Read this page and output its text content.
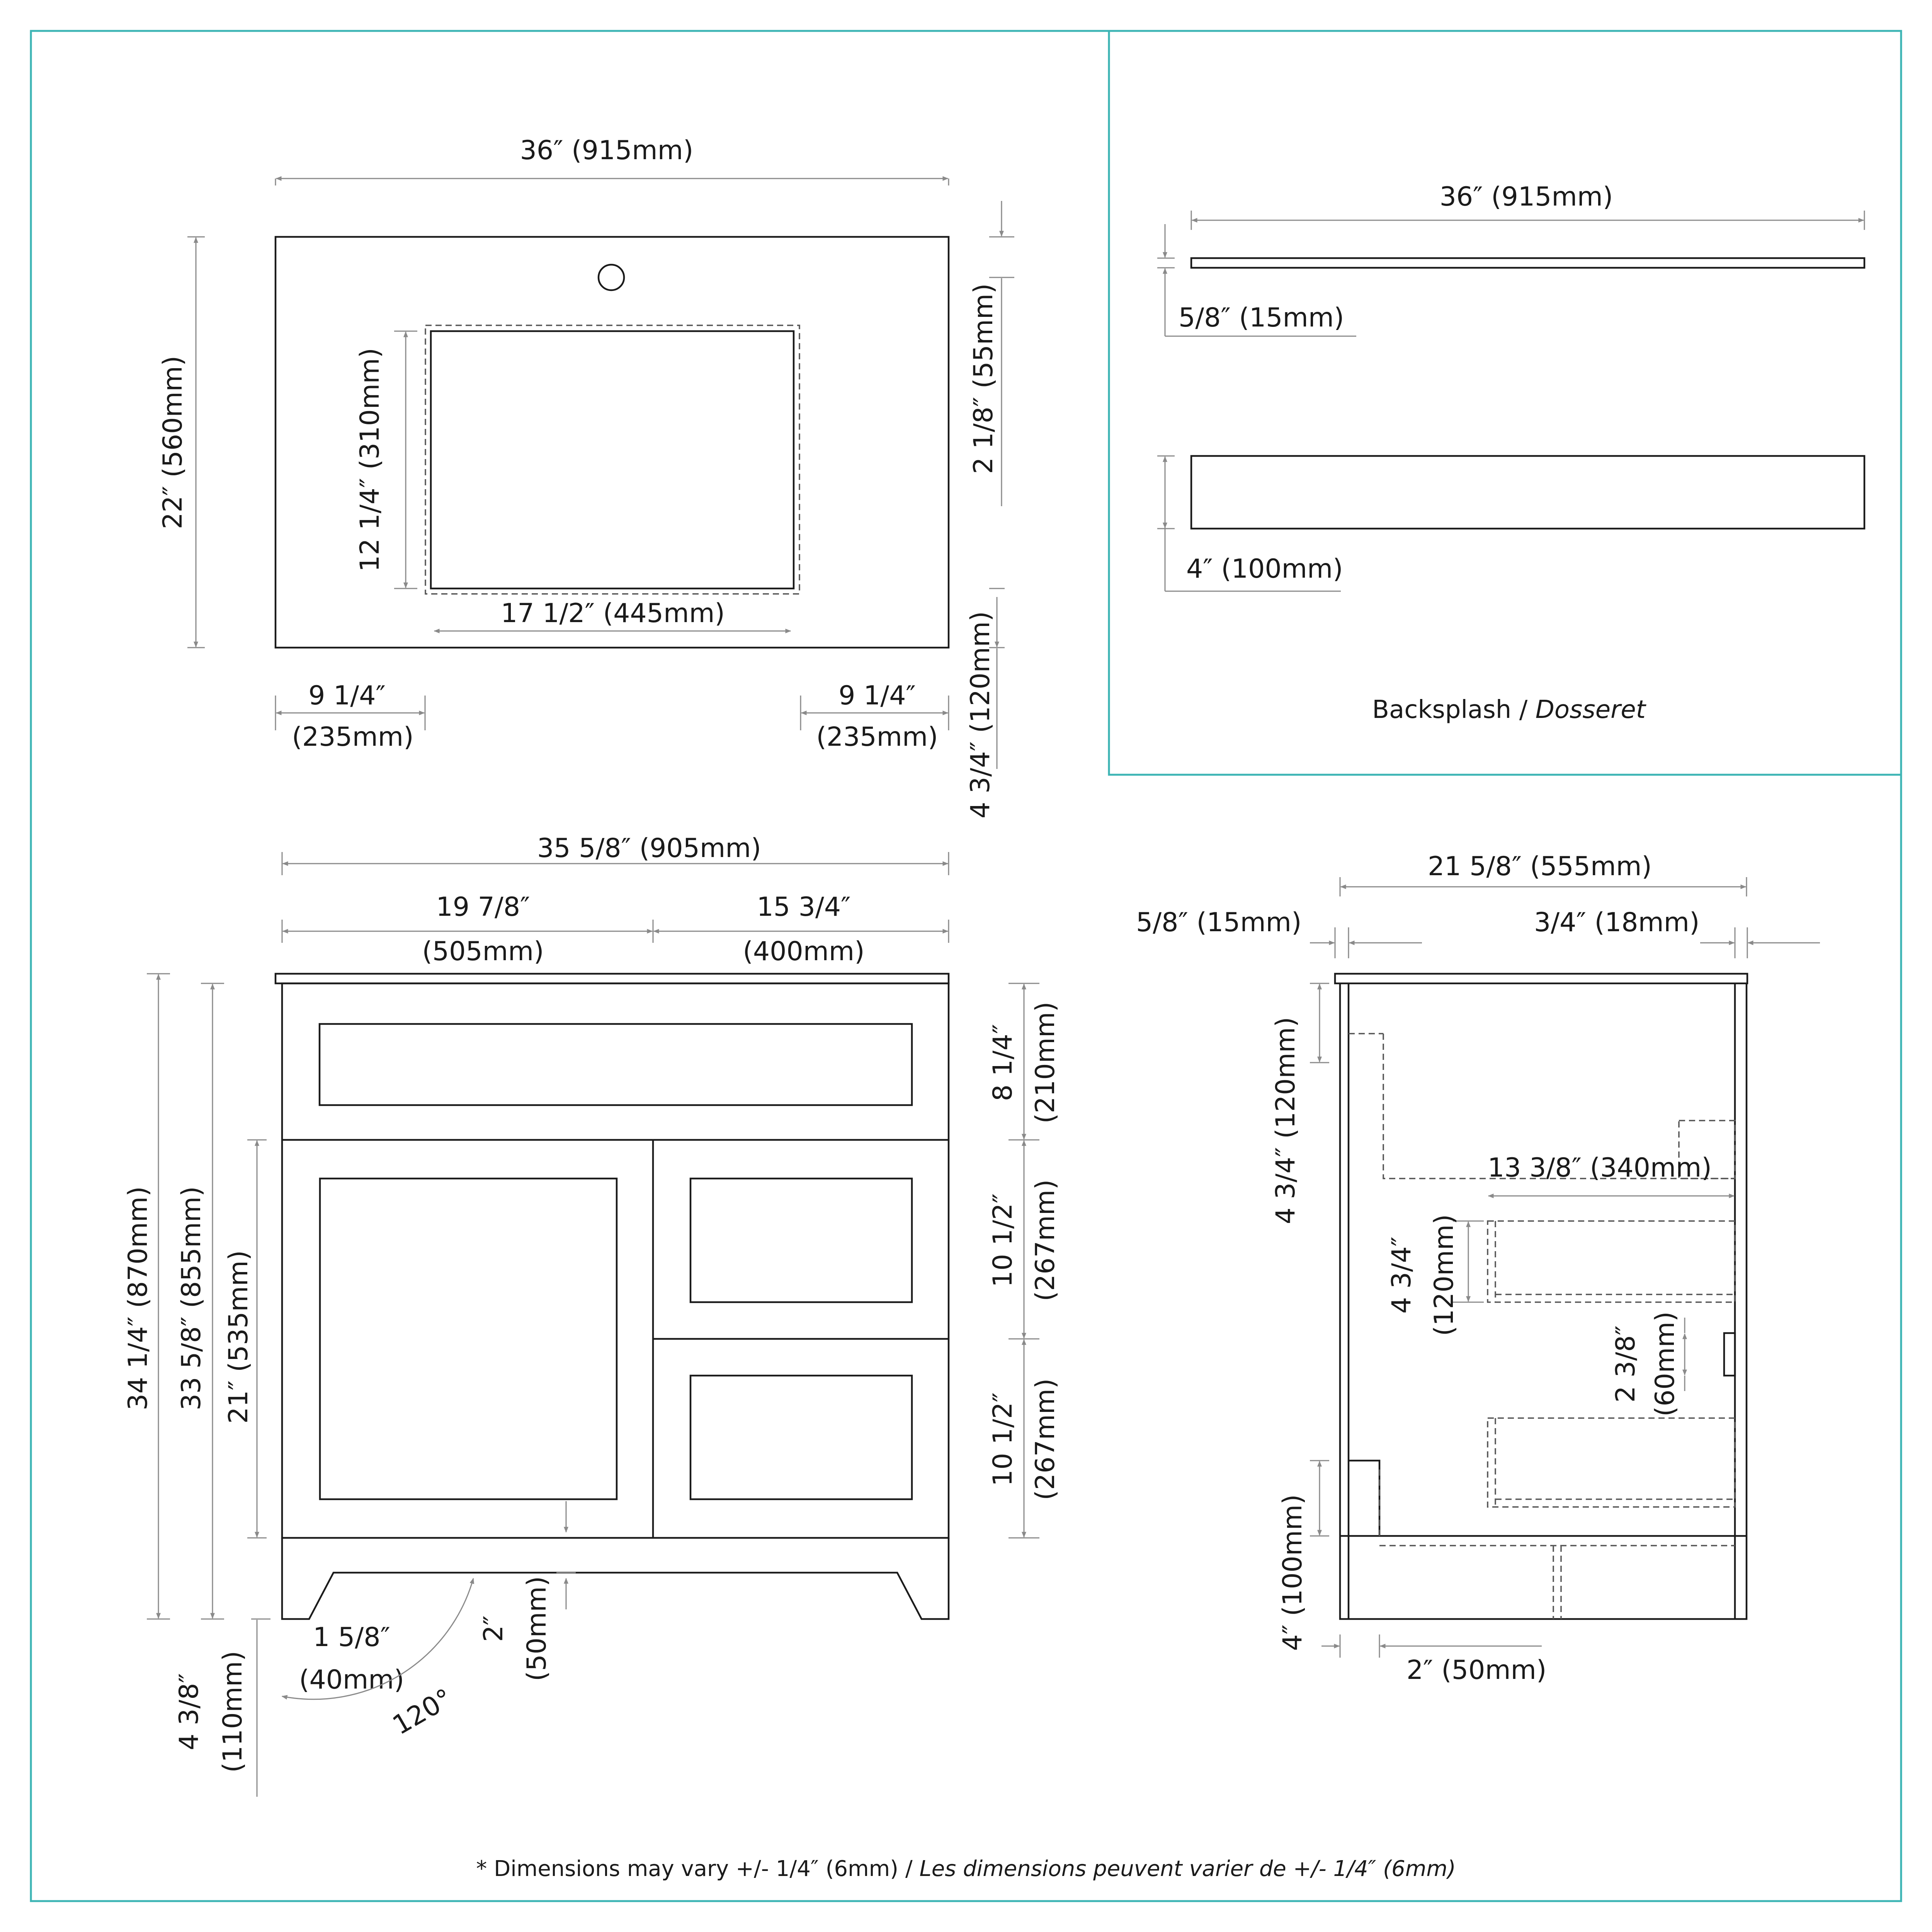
36″ (915mm)
22″ (560mm)	12 1/4″ (310mm)
17 1/2″ (445mm)
2 1/8″ (55mm)
4 3/4″ (120mm)
9 1/4″
(235mm)
9 1/4″
(235mm)
36″ (915mm)
5/8″ (15mm)
4″ (100mm)
Backsplash / Dosseret
35 5/8″ (905mm)
19 7/8″
(505mm)
15 3/4″
(400mm)
34 1/4″ (870mm) 33 5/8″ (855mm) 21″ (535mm)
8 1/4″ (210mm)
10 1/2″ (267mm)
10 1/2″ (267mm)
4 3/8″ (110mm)
1 5/8″
(40mm)
120°
2″ (50mm)
21 5/8″ (555mm)
5/8″ (15mm)	3/4″ (18mm)
13 3/8″ (340mm)
4 3/4″ (120mm)
4 3/4″ (120mm)
2 3/8″ (60mm)
4″ (100mm)
2″ (50mm)
* Dimensions may vary +/- 1/4″ (6mm) / Les dimensions peuvent varier de +/- 1/4″ (6mm)
